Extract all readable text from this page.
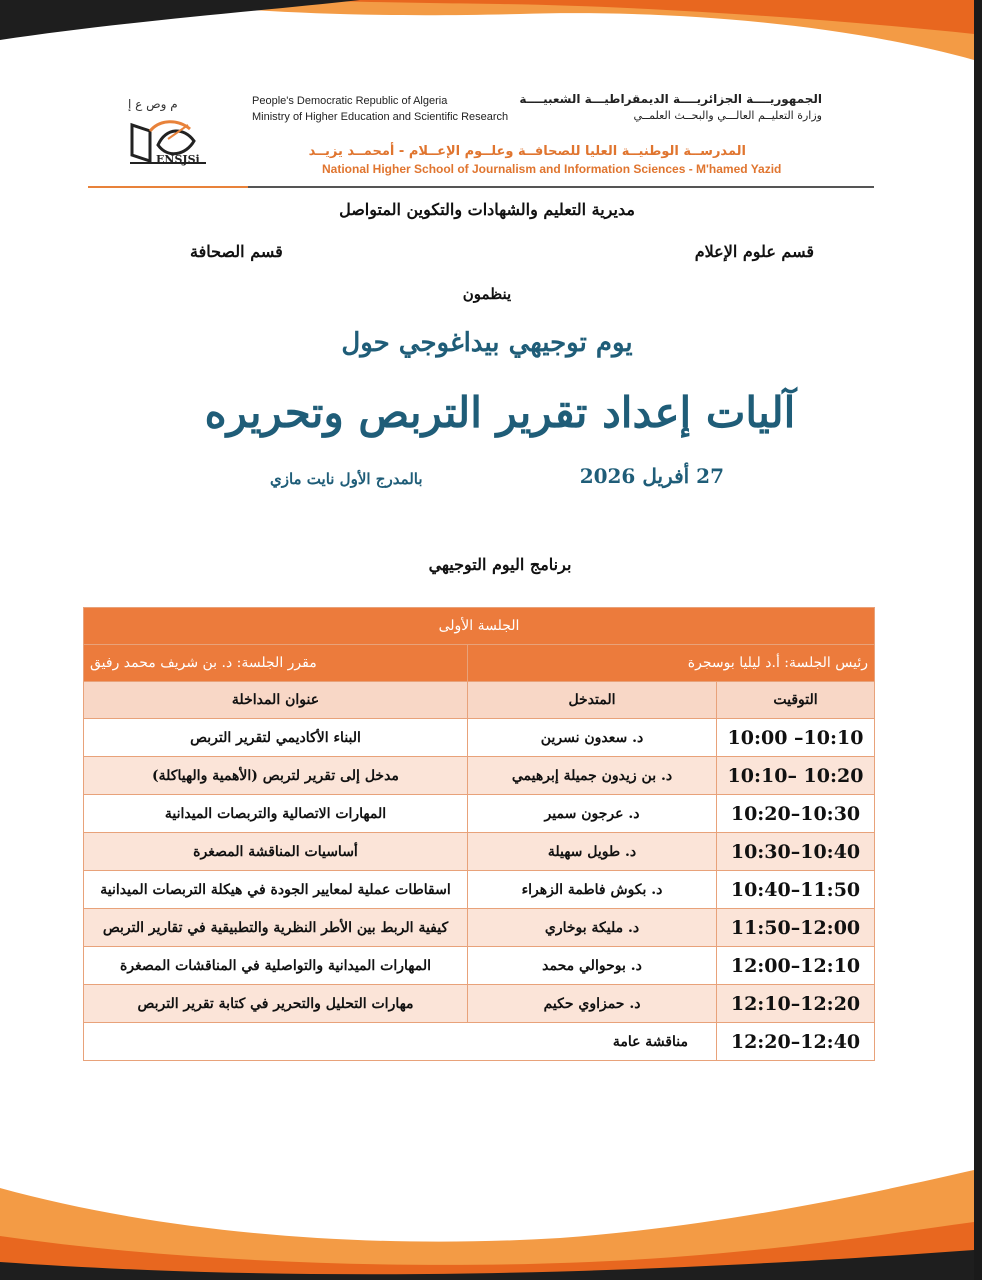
م وص ع إ
ENSJSi
People's Democratic Republic of Algeria
Ministry of Higher Education and Scientific Research
الجمهوريــــة الجزائريــــة الديمقراطيـــة الشعبيــــة
وزارة التعليــم العالـــي والبحــث العلمــي
المدرســة الوطنيــة العليا للصحافــة وعلــوم الإعــلام - أمحمــد يزيــد
National Higher School of Journalism and Information Sciences - M'hamed Yazid
مديرية التعليم والشهادات والتكوين المتواصل
قسم علوم الإعلام
قسم الصحافة
ينظمون
يوم توجيهي بيداغوجي حول
آليات إعداد تقرير التربص وتحريره
27 أفريل 2026
بالمدرج الأول نايت مازي
برنامج اليوم التوجيهي
الجلسة الأولى		
رئيس الجلسة: أ.د ليليا بوسجرة		مقرر الجلسة: د. بن شريف محمد رفيق
التوقيت	المتدخل	عنوان المداخلة
10:00 –10:10	د. سعدون نسرين	البناء الأكاديمي لتقرير التربص
10:10– 10:20	د. بن زيدون جميلة إبرهيمي	مدخل إلى تقرير لتربص (الأهمية والهياكلة)
10:20–10:30	د. عرجون سمير	المهارات الاتصالية والتربصات الميدانية
10:30–10:40	د. طويل سهيلة	أساسيات المناقشة المصغرة
10:40–11:50	د. بكوش فاطمة الزهراء	اسقاطات عملية لمعايير الجودة في هيكلة التربصات الميدانية
11:50–12:00	د. مليكة بوخاري	كيفية الربط بين الأطر النظرية والتطبيقية في تقارير التربص
12:00–12:10	د. بوحوالي محمد	المهارات الميدانية والتواصلية في المناقشات المصغرة
12:10–12:20	د. حمزاوي حكيم	مهارات التحليل والتحرير في كتابة تقرير التربص
12:20–12:40	مناقشة عامة	
